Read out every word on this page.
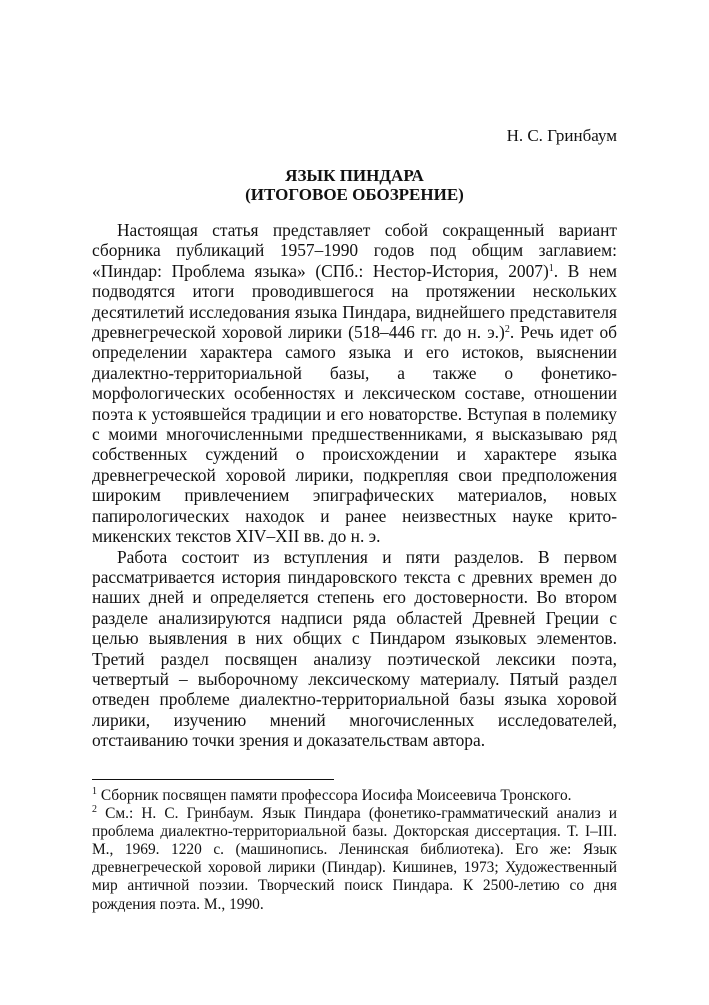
Н. С. Гринбаум
ЯЗЫК ПИНДАРА
(ИТОГОВОЕ ОБОЗРЕНИЕ)

Настоящая статья представляет собой сокращенный вариант сборника публикаций 1957–1990 годов под общим заглавием: «Пиндар: Проблема языка» (СПб.: Нестор-История, 2007)$^1$. В нем подводятся итоги проводившегося на протяжении нескольких десятилетий исследования языка Пиндара, виднейшего представителя древнегреческой хоровой лирики (518–446 гг. до н. э.)$^2$. Речь идет об определении характера самого языка и его истоков, выяснении диалектно-территориальной базы, а также о фонетико-морфологических особенностях и лексическом составе, отношении поэта к устоявшейся традиции и его новаторстве. Вступая в полемику с моими многочисленными предшественниками, я высказываю ряд собственных суждений о происхождении и характере языка древнегреческой хоровой лирики, подкрепляя свои предположения широким привлечением эпиграфических материалов, новых папирологических находок и ранее неизвестных науке крито-микенских текстов XIV–XII вв. до н. э.

Работа состоит из вступления и пяти разделов. В первом рассматривается история пиндаровского текста с древних времен до наших дней и определяется степень его достоверности. Во втором разделе анализируются надписи ряда областей Древней Греции с целью выявления в них общих с Пиндаром языковых элементов. Третий раздел посвящен анализу поэтической лексики поэта, четвертый – выборочному лексическому материалу. Пятый раздел отведен проблеме диалектно-территориальной базы языка хоровой лирики, изучению мнений многочисленных исследователей, отстаиванию точки зрения и доказательствам автора.

$^1$ Сборник посвящен памяти профессора Иосифа Моисеевича Тронского.

$^2$ См.: Н. С. Гринбаум. Язык Пиндара (фонетико-грамматический анализ и проблема диалектно-территориальной базы. Докторская диссертация. Т. I–III. М., 1969. 1220 с. (машинопись. Ленинская библиотека). Его же: Язык древнегреческой хоровой лирики (Пиндар). Кишинев, 1973; Художественный мир античной поэзии. Творческий поиск Пиндара. К 2500-летию со дня рождения поэта. М., 1990.
